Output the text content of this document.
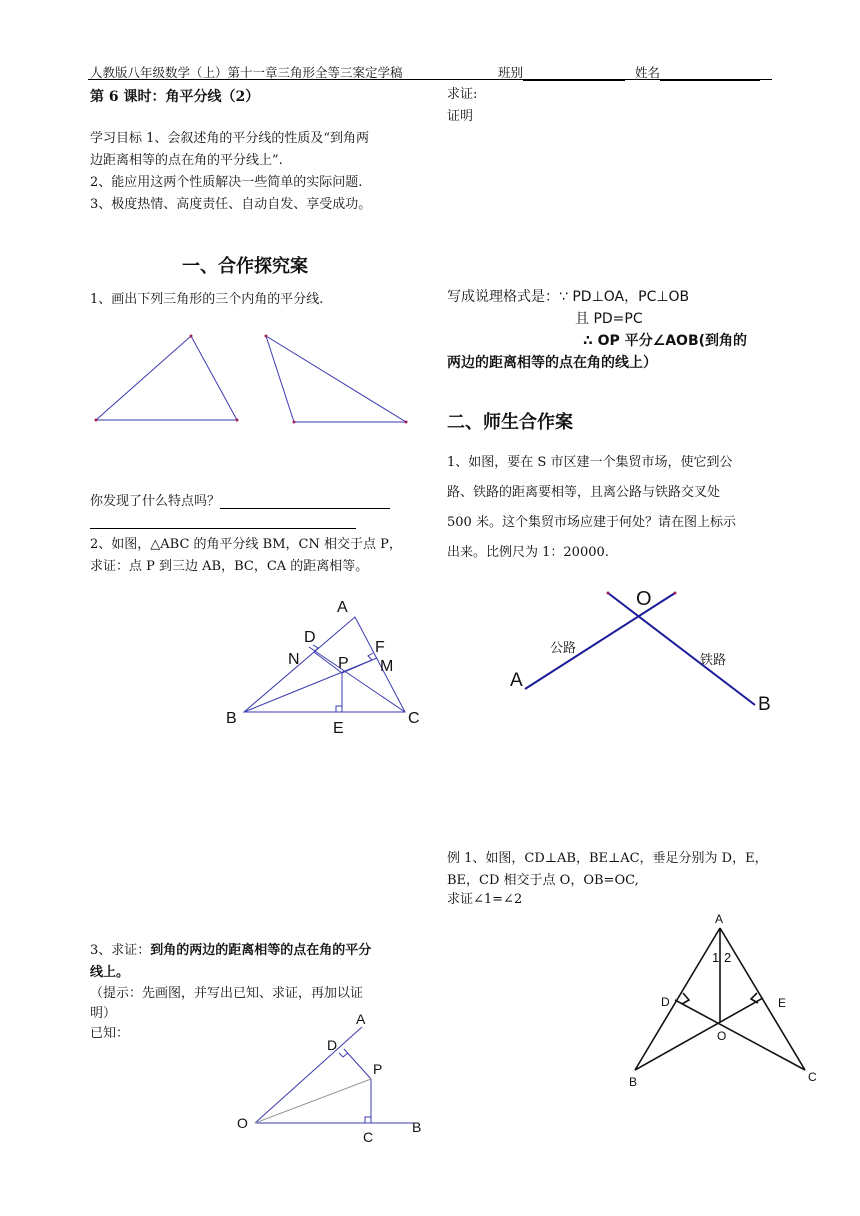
人教版八年级数学（上）第十一章三角形全等三案定学稿	班别	姓名
第 6 课时：角平分线（2）
学习目标 1、会叙述角的平分线的性质及“到角两
边距离相等的点在角的平分线上”.
2、能应用这两个性质解决一些简单的实际问题.
3、极度热情、高度责任、自动自发、享受成功。
一、合作探究案
1、画出下列三角形的三个内角的平分线.
你发现了什么特点吗？
2、如图，△ABC 的角平分线 BM，CN 相交于点 P，
求证：点 P 到三边 AB，BC，CA 的距离相等。
A
D
F
N P M
B
E
C
3、求证：到角的两边的距离相等的点在角的平分
线上。
（提示：先画图，并写出已知、求证，再加以证
明）
已知：
A
D
P
O
C
B
求证:
证明
写成说理格式是：∵ PD⊥OA，PC⊥OB
且 PD=PC
∴ OP 平分∠AOB(到角的
两边的距离相等的点在角的线上）
二、师生合作案
1、如图，要在 S 市区建一个集贸市场，使它到公
路、铁路的距离要相等，且离公路与铁路交叉处
500 米。这个集贸市场应建于何处？请在图上标示
出来。比例尺为 1：20000.
O
公路
铁路
A
B
例 1、如图，CD⊥AB，BE⊥AC，垂足分别为 D，E，
BE，CD 相交于点 O，OB=OC,
求证∠1=∠2
A
1 2
D	E
O
B	C
